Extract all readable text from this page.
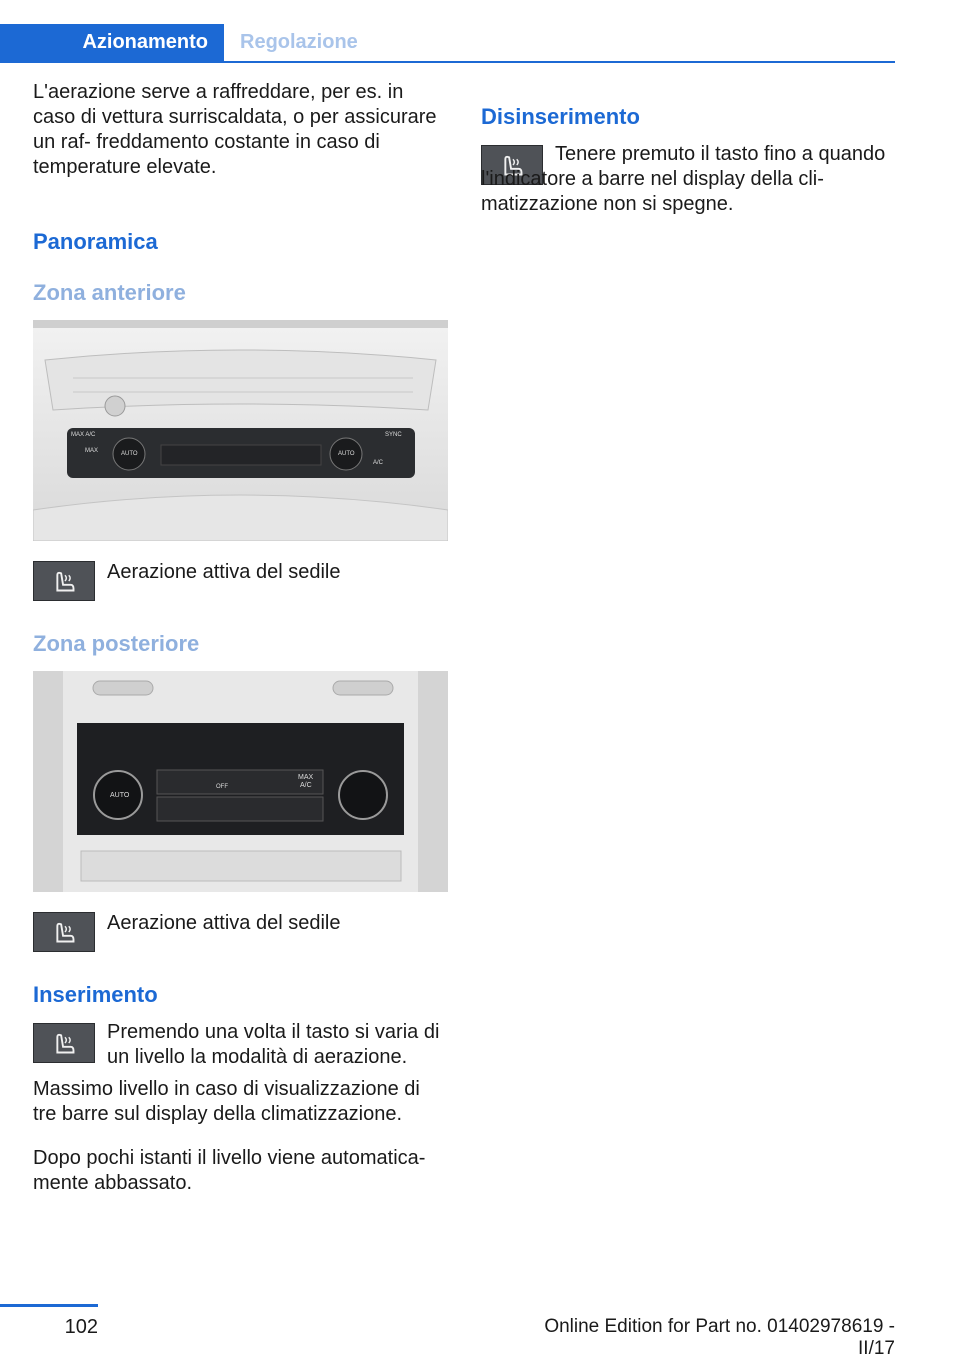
Azionamento	Regolazione

L'aerazione serve a raffreddare, per es. in caso di vettura surriscaldata, o per assicurare un raf‐ freddamento costante in caso di temperature elevate.

Panoramica
Zona anteriore
MAX A/C
MAX	AUTO	AUTO
SYNC
A/C

Aerazione attiva del sedile

Zona posteriore
AUTO
OFF
MAX
A/C

Aerazione attiva del sedile

Inserimento

Premendo una volta il tasto si varia di un livello la modalità di aerazione.

Massimo livello in caso di visualizzazione di tre barre sul display della climatizzazione.

Dopo pochi istanti il livello viene automatica‐ mente abbassato.

Disinserimento

Tenere premuto il tasto fino a quando l'indicatore a barre nel display della cli‐ matizzazione non si spegne.

102	Online Edition for Part no. 01402978619 - II/17
